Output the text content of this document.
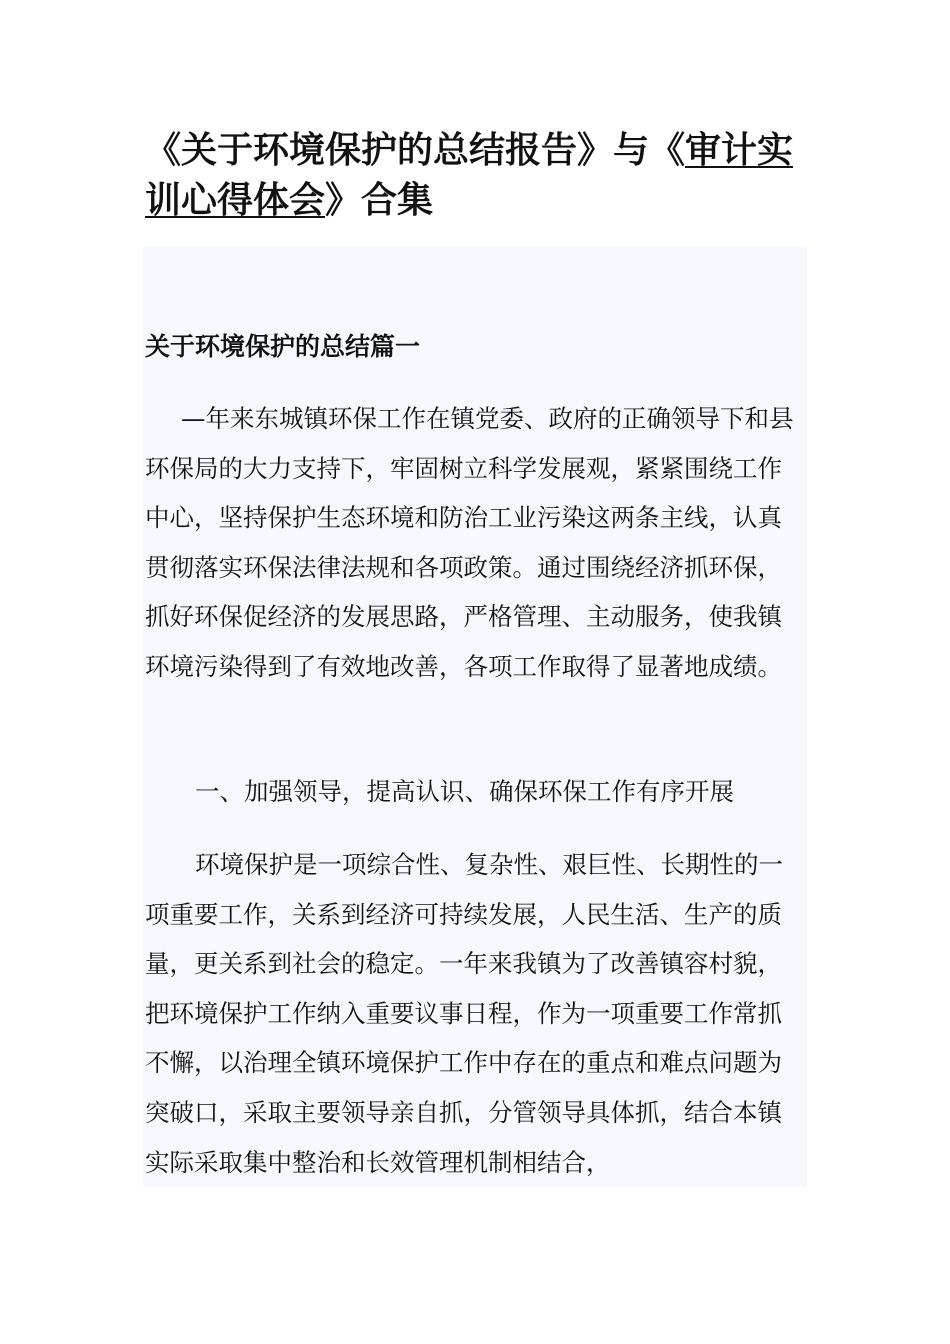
《关于环境保护的总结报告》与《审计实
训心得体会》合集
关于环境保护的总结篇一

—年来东城镇环保工作在镇党委、政府的正确领导下和县环保局的大力支持下，牢固树立科学发展观，紧紧围绕工作中心，坚持保护生态环境和防治工业污染这两条主线，认真贯彻落实环保法律法规和各项政策。通过围绕经济抓环保，抓好环保促经济的发展思路，严格管理、主动服务，使我镇环境污染得到了有效地改善，各项工作取得了显著地成绩。

一、加强领导，提高认识、确保环保工作有序开展

环境保护是一项综合性、复杂性、艰巨性、长期性的一项重要工作，关系到经济可持续发展，人民生活、生产的质量，更关系到社会的稳定。一年来我镇为了改善镇容村貌，把环境保护工作纳入重要议事日程，作为一项重要工作常抓不懈，以治理全镇环境保护工作中存在的重点和难点问题为突破口，采取主要领导亲自抓，分管领导具体抓，结合本镇实际采取集中整治和长效管理机制相结合，
